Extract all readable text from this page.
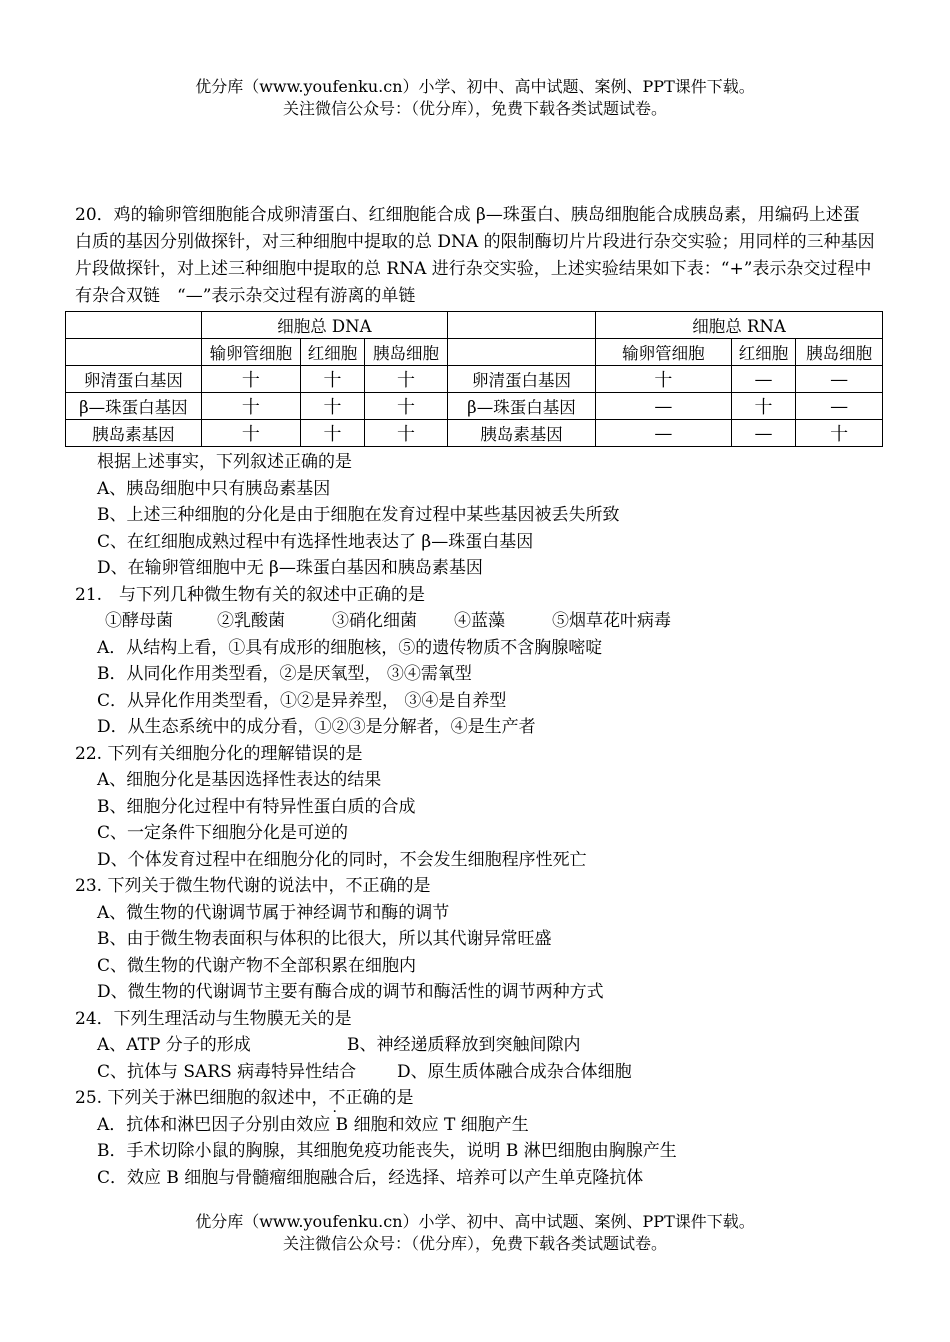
优分库（www.youfenku.cn）小学、初中、高中试题、案例、PPT课件下载。
关注微信公众号：（优分库），免费下载各类试题试卷。
20．鸡的输卵管细胞能合成卵清蛋白、红细胞能合成 β—珠蛋白、胰岛细胞能合成胰岛素，用编码上述蛋白质的基因分别做探针，对三种细胞中提取的总 DNA 的限制酶切片片段进行杂交实验；用同样的三种基因片段做探针，对上述三种细胞中提取的总 RNA 进行杂交实验，上述实验结果如下表：“+”表示杂交过程中有杂合双链　“—”表示杂交过程有游离的单链
	细胞总 DNA				细胞总 RNA		
	输卵管细胞	红细胞	胰岛细胞		输卵管细胞	红细胞	胰岛细胞
卵清蛋白基因	十	十	十	卵清蛋白基因	十	—	—
β—珠蛋白基因	十	十	十	β—珠蛋白基因	—	十	—
胰岛素基因	十	十	十	胰岛素基因	—	—	十
根据上述事实，下列叙述正确的是
A、胰岛细胞中只有胰岛素基因
B、上述三种细胞的分化是由于细胞在发育过程中某些基因被丢失所致
C、在红细胞成熟过程中有选择性地表达了 β—珠蛋白基因
D、在输卵管细胞中无 β—珠蛋白基因和胰岛素基因
21.　与下列几种微生物有关的叙述中正确的是
①酵母菌	②乳酸菌	③硝化细菌	④蓝藻	⑤烟草花叶病毒
A．从结构上看，①具有成形的细胞核，⑤的遗传物质不含胸腺嘧啶
B．从同化作用类型看，②是厌氧型， ③④需氧型
C．从异化作用类型看，①②是异养型， ③④是自养型
D．从生态系统中的成分看，①②③是分解者，④是生产者
22. 下列有关细胞分化的理解错误的是
A、细胞分化是基因选择性表达的结果
B、细胞分化过程中有特异性蛋白质的合成
C、一定条件下细胞分化是可逆的
D、个体发育过程中在细胞分化的同时，不会发生细胞程序性死亡
23. 下列关于微生物代谢的说法中，不正确的是
A、微生物的代谢调节属于神经调节和酶的调节
B、由于微生物表面积与体积的比很大，所以其代谢异常旺盛
C、微生物的代谢产物不全部积累在细胞内
D、微生物的代谢调节主要有酶合成的调节和酶活性的调节两种方式
24．下列生理活动与生物膜无关的是
A、ATP 分子的形成	B、神经递质释放到突触间隙内
C、抗体与 SARS 病毒特异性结合	D、原生质体融合成杂合体细胞
25. 下列关于淋巴细胞的叙述中，不正确的是
A．抗体和淋巴因子分别由效应 B 细胞和效应 T 细胞产生
B．手术切除小鼠的胸腺，其细胞免疫功能丧失，说明 B 淋巴细胞由胸腺产生
C．效应 B 细胞与骨髓瘤细胞融合后，经选择、培养可以产生单克隆抗体
优分库（www.youfenku.cn）小学、初中、高中试题、案例、PPT课件下载。
关注微信公众号：（优分库），免费下载各类试题试卷。
